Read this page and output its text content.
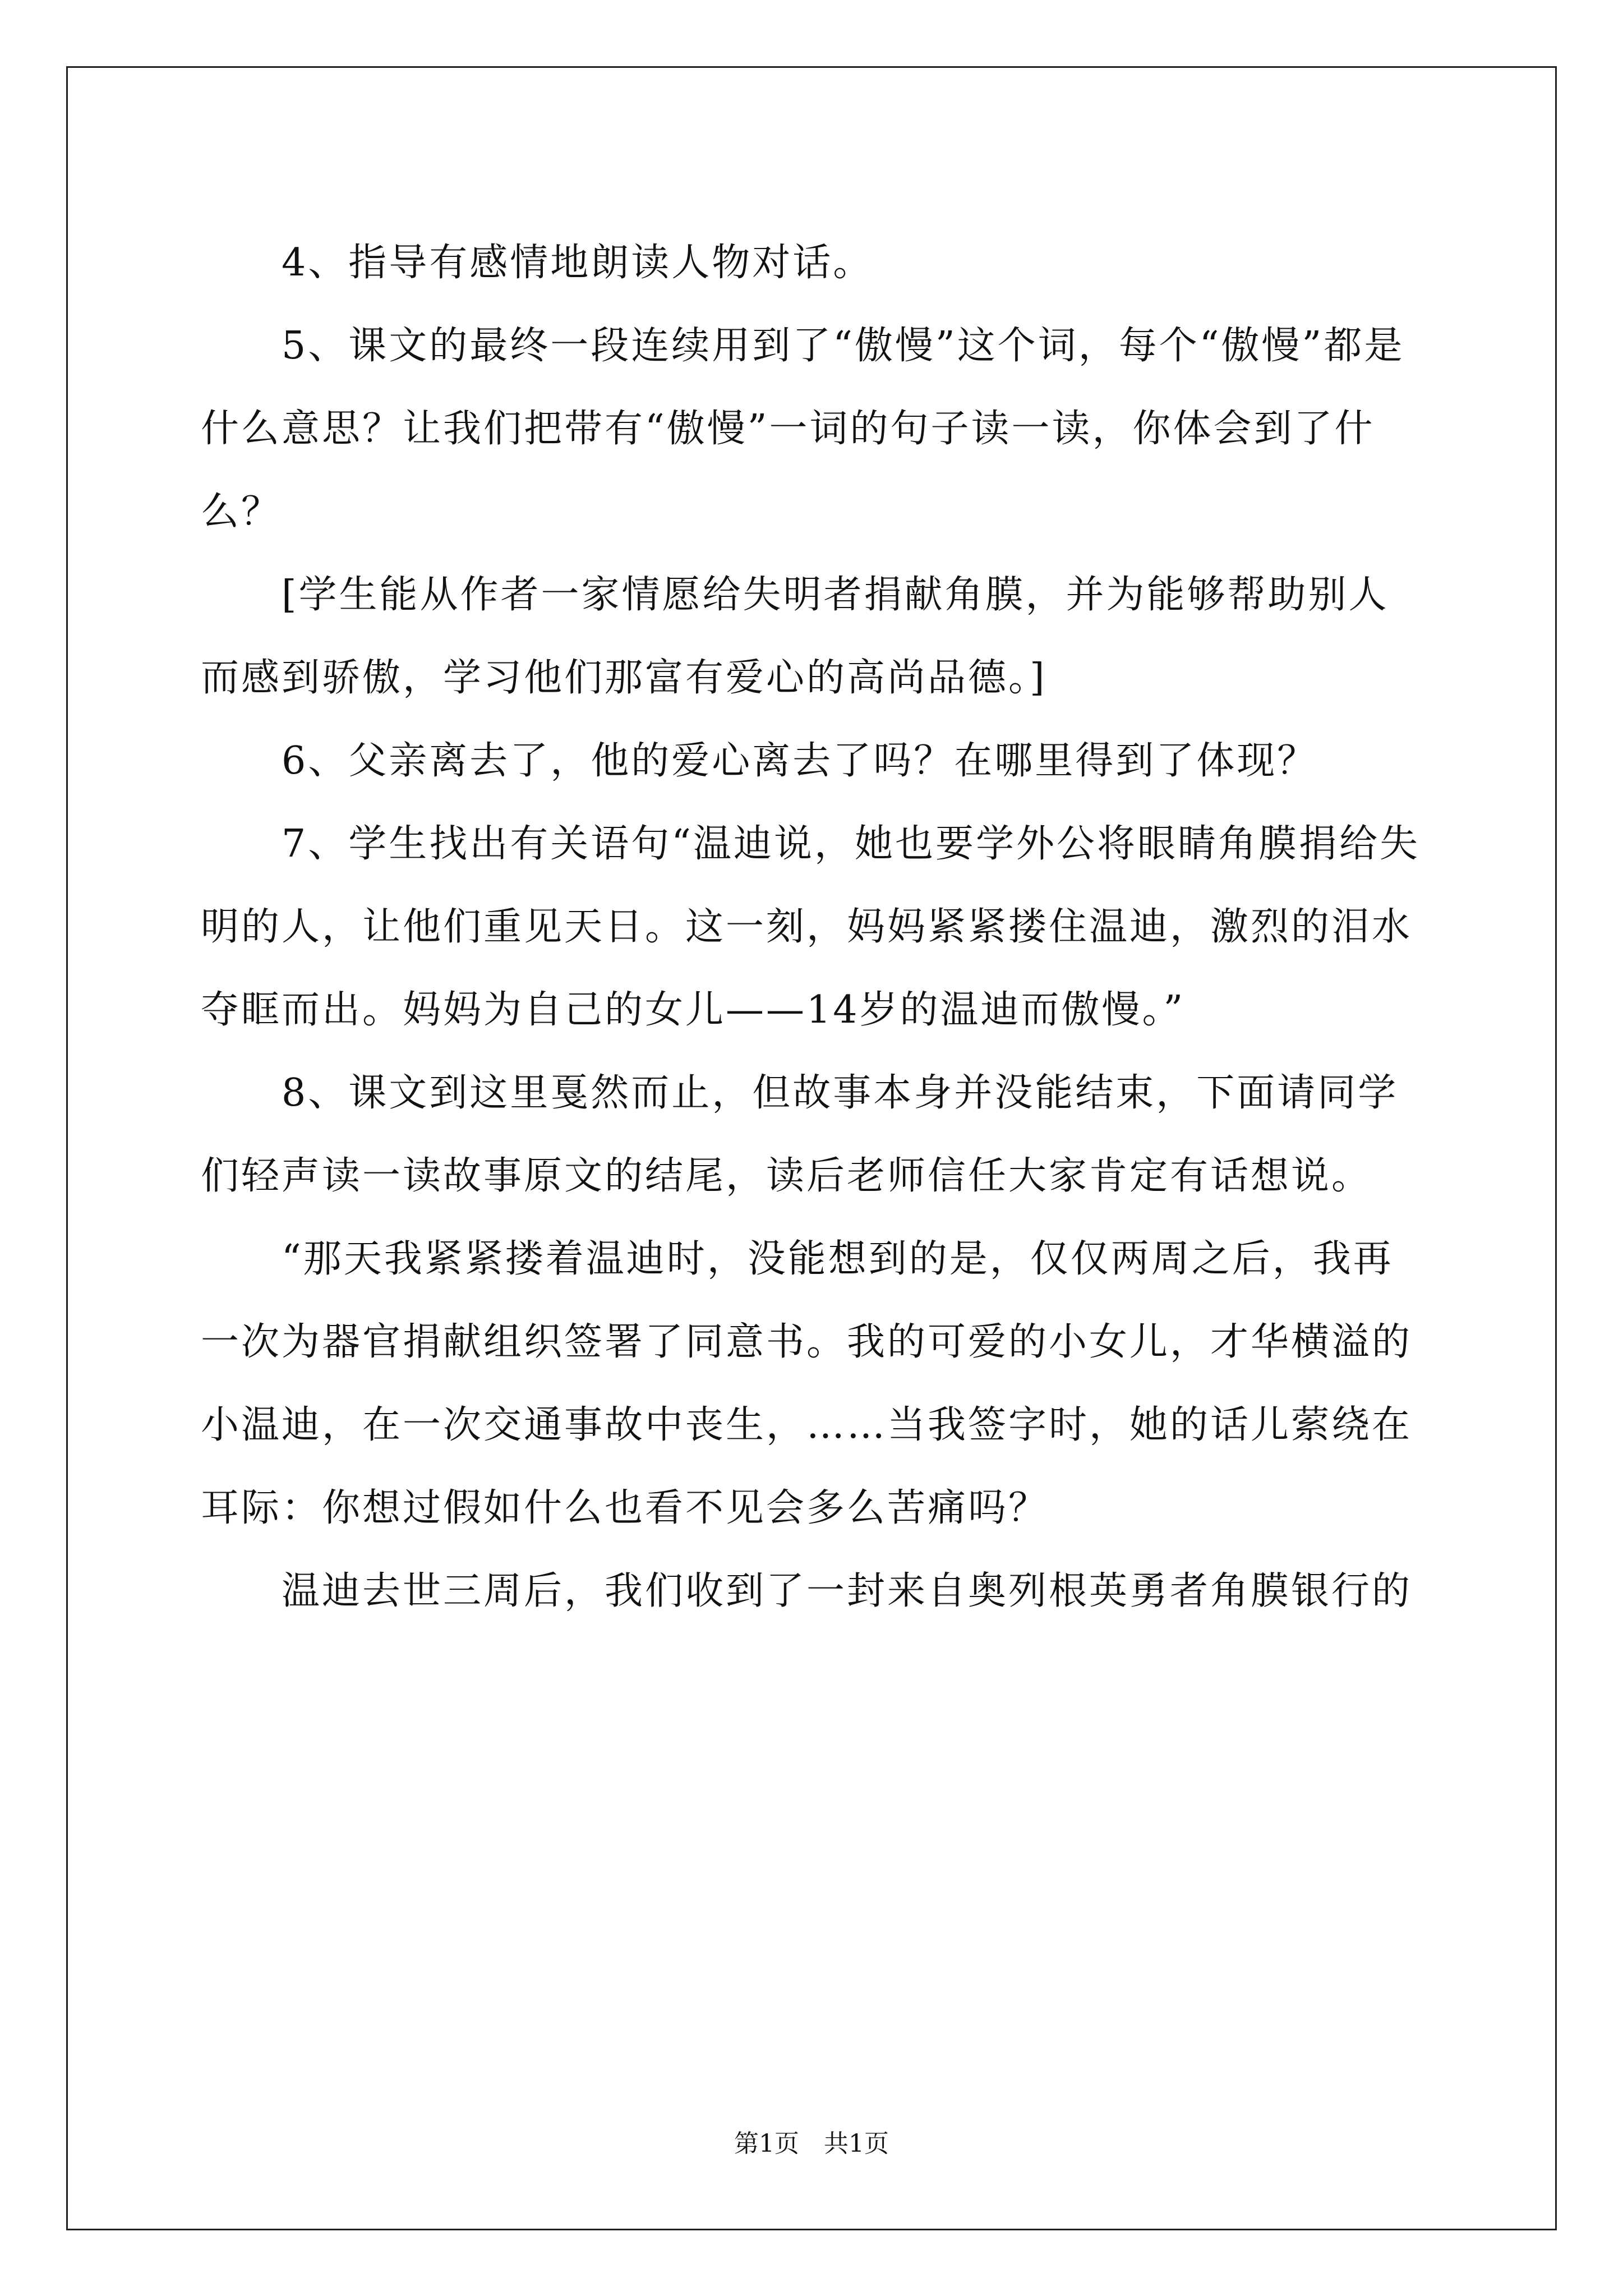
4、指导有感情地朗读人物对话。

5、课文的最终一段连续用到了“傲慢”这个词，每个“傲慢”都是什么意思？让我们把带有“傲慢”一词的句子读一读，你体会到了什么？

[学生能从作者一家情愿给失明者捐献角膜，并为能够帮助别人而感到骄傲，学习他们那富有爱心的高尚品德。]

6、父亲离去了，他的爱心离去了吗？在哪里得到了体现？

7、学生找出有关语句“温迪说，她也要学外公将眼睛角膜捐给失明的人，让他们重见天日。这一刻，妈妈紧紧搂住温迪，激烈的泪水夺眶而出。妈妈为自己的女儿——14岁的温迪而傲慢。”

8、课文到这里戛然而止，但故事本身并没能结束，下面请同学们轻声读一读故事原文的结尾，读后老师信任大家肯定有话想说。

“那天我紧紧搂着温迪时，没能想到的是，仅仅两周之后，我再一次为器官捐献组织签署了同意书。我的可爱的小女儿，才华横溢的小温迪，在一次交通事故中丧生，……当我签字时，她的话儿萦绕在耳际：你想过假如什么也看不见会多么苦痛吗？

温迪去世三周后，我们收到了一封来自奥列根英勇者角膜银行的

第1页　共1页
